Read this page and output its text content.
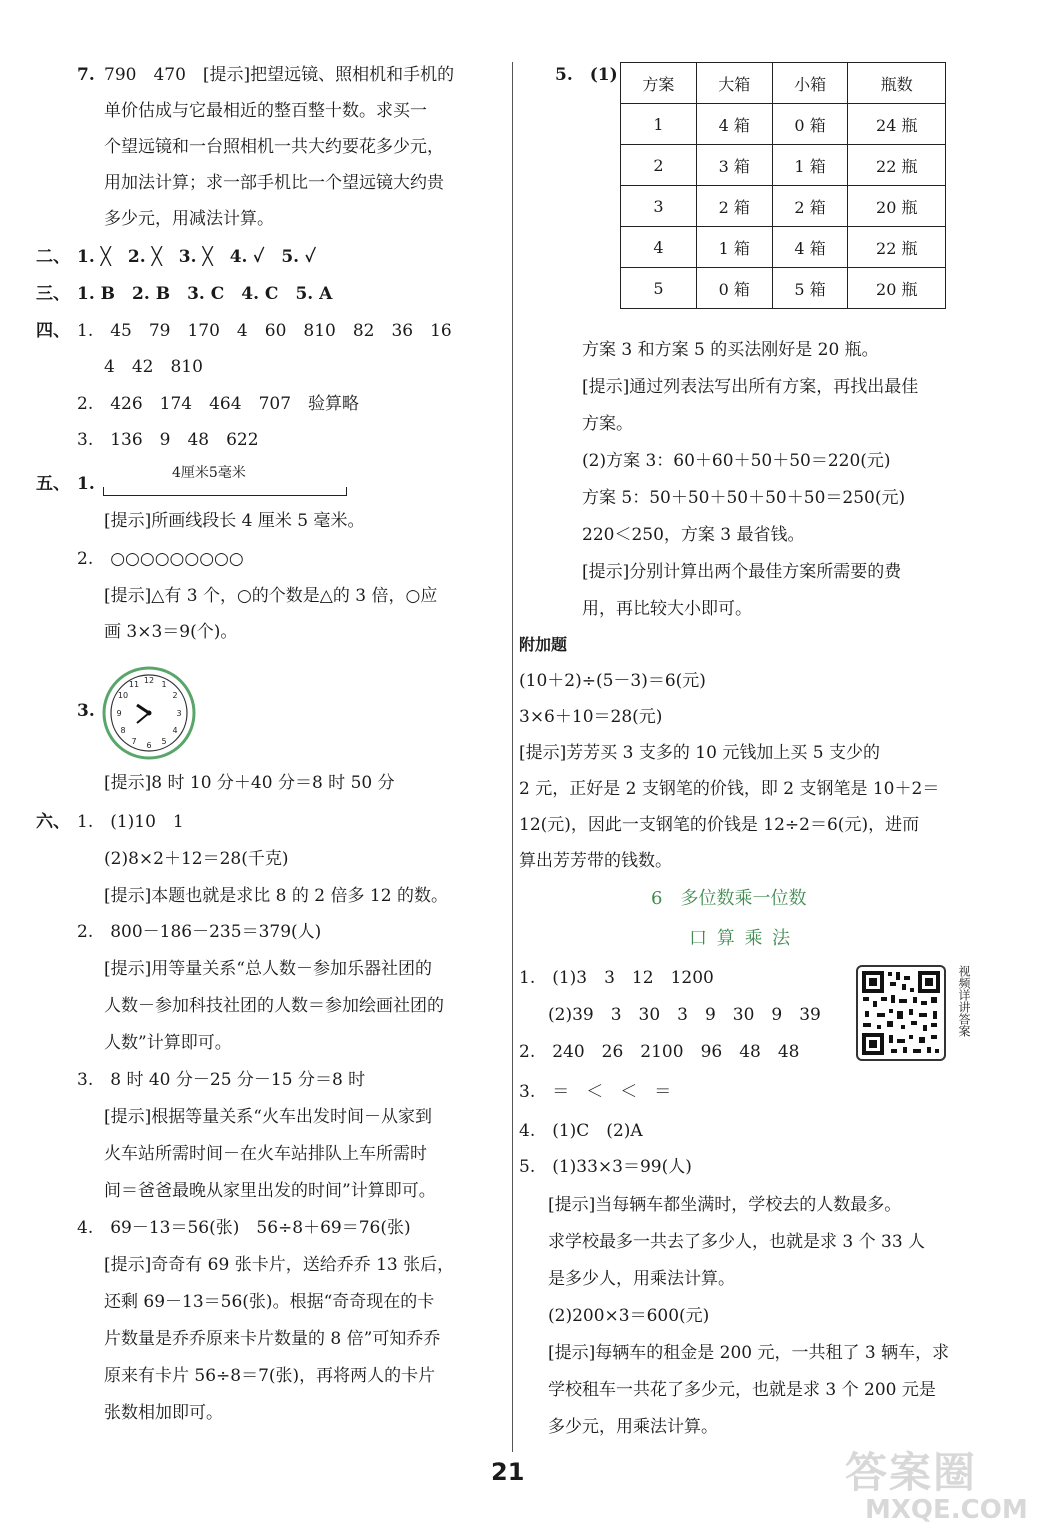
7. 790　470　[提示]把望远镜、照相机和手机的
单价估成与它最相近的整百整十数。求买一
个望远镜和一台照相机一共大约要花多少元，
用加法计算；求一部手机比一个望远镜大约贵
多少元，用减法计算。
二、 1. ╳　2. ╳　3. ╳　4. ✓　5. ✓
三、 1. B　2. B　3. C　4. C　5. A
四、 1.　45　79　170　4　60　810　82　36　16
4　42　810
2.　426　174　464　707　验算略
3.　136　9　48　622
五、 1.
4厘米5毫米
[提示]所画线段长 4 厘米 5 毫米。
2.　○○○○○○○○○
[提示]△有 3 个，○的个数是△的 3 倍，○应
画 3×3＝9(个)。
3.
12 1
2
3
4
5
6
7
8
9
10
11
[提示]8 时 10 分＋40 分＝8 时 50 分
六、 1.　(1)10　1
(2)8×2＋12＝28(千克)
[提示]本题也就是求比 8 的 2 倍多 12 的数。
2.　800－186－235＝379(人)
[提示]用等量关系“总人数－参加乐器社团的
人数－参加科技社团的人数＝参加绘画社团的
人数”计算即可。
3.　8 时 40 分－25 分－15 分＝8 时
[提示]根据等量关系“火车出发时间－从家到
火车站所需时间－在火车站排队上车所需时
间＝爸爸最晚从家里出发的时间”计算即可。
4.　69－13＝56(张)　56÷8＋69＝76(张)
[提示]奇奇有 69 张卡片，送给乔乔 13 张后，
还剩 69－13＝56(张)。根据“奇奇现在的卡
片数量是乔乔原来卡片数量的 8 倍”可知乔乔
原来有卡片 56÷8＝7(张)，再将两人的卡片
张数相加即可。
5.　(1) 方案	大箱	小箱	瓶数
1	4 箱	0 箱	24 瓶
2	3 箱	1 箱	22 瓶
3	2 箱	2 箱	20 瓶
4	1 箱	4 箱	22 瓶
5	0 箱	5 箱	20 瓶
方案 3 和方案 5 的买法刚好是 20 瓶。
[提示]通过列表法写出所有方案，再找出最佳
方案。
(2)方案 3：60＋60＋50＋50＝220(元)
方案 5：50＋50＋50＋50＋50＝250(元)
220＜250，方案 3 最省钱。
[提示]分别计算出两个最佳方案所需要的费
用，再比较大小即可。
附加题
(10＋2)÷(5－3)＝6(元)
3×6＋10＝28(元)
[提示]芳芳买 3 支多的 10 元钱加上买 5 支少的
2 元，正好是 2 支钢笔的价钱，即 2 支钢笔是 10＋2＝
12(元)，因此一支钢笔的价钱是 12÷2＝6(元)，进而
算出芳芳带的钱数。
6　多位数乘一位数
口 算 乘 法
1.　(1)3　3　12　1200
(2)39　3　30　3　9　30　9　39
2.　240　26　2100　96　48　48
3.　＝　＜　＜　＝
4.　(1)C　(2)A
5.　(1)33×3＝99(人)
[提示]当每辆车都坐满时，学校去的人数最多。
求学校最多一共去了多少人，也就是求 3 个 33 人
是多少人，用乘法计算。
(2)200×3＝600(元)
[提示]每辆车的租金是 200 元，一共租了 3 辆车，求
学校租车一共花了多少元，也就是求 3 个 200 元是
多少元，用乘法计算。
视频详讲答案
21	答案圈
MXQE.COM
